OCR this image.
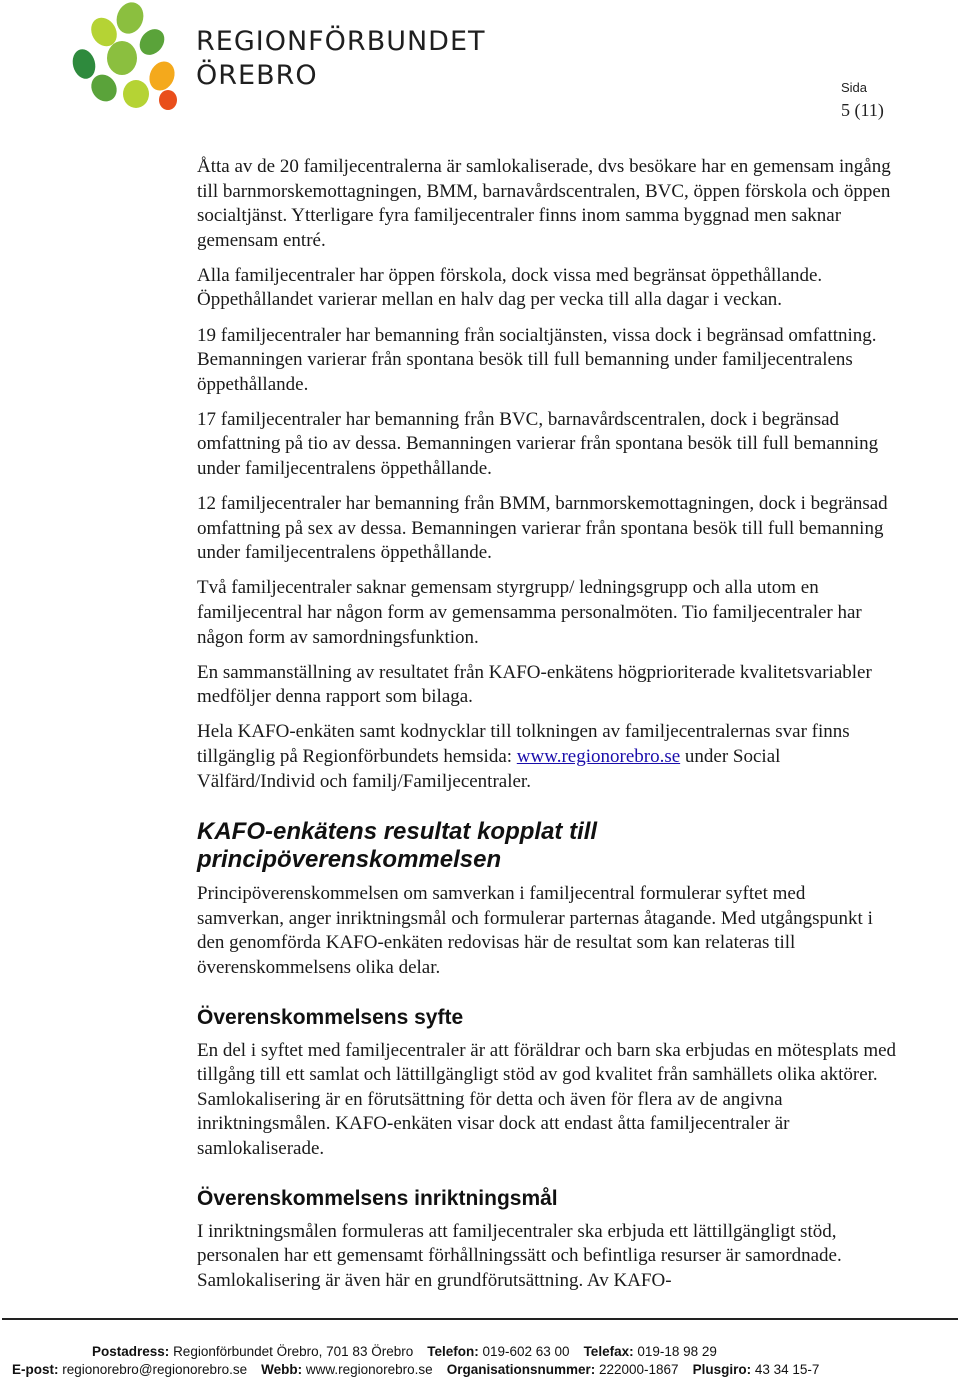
REGIONFÖRBUNDET
ÖREBRO	Sida
5 (11)

Åtta av de 20 familjecentralerna är samlokaliserade, dvs besökare har en gemensam ingång till barnmorskemottagningen, BMM, barnavårdscentralen, BVC, öppen förskola och öppen socialtjänst. Ytterligare fyra familjecentraler finns inom samma byggnad men saknar gemensam entré.

Alla familjecentraler har öppen förskola, dock vissa med begränsat öppethållande. Öppethållandet varierar mellan en halv dag per vecka till alla dagar i veckan.

19 familjecentraler har bemanning från socialtjänsten, vissa dock i begränsad omfattning. Bemanningen varierar från spontana besök till full bemanning under familjecentralens öppethållande.

17 familjecentraler har bemanning från BVC, barnavårdscentralen, dock i begränsad omfattning på tio av dessa. Bemanningen varierar från spontana besök till full bemanning under familjecentralens öppethållande.

12 familjecentraler har bemanning från BMM, barnmorskemottagningen, dock i begränsad omfattning på sex av dessa. Bemanningen varierar från spontana besök till full bemanning under familjecentralens öppethållande.

Två familjecentraler saknar gemensam styrgrupp/ ledningsgrupp och alla utom en familjecentral har någon form av gemensamma personalmöten. Tio familjecentraler har någon form av samordningsfunktion.

En sammanställning av resultatet från KAFO-enkätens högprioriterade kvalitetsvariabler medföljer denna rapport som bilaga.

Hela KAFO-enkäten samt kodnycklar till tolkningen av familjecentralernas svar finns tillgänglig på Regionförbundets hemsida: www.regionorebro.se under Social Välfärd/Individ och familj/Familjecentraler.

KAFO-enkätens resultat kopplat till principöverenskommelsen

Principöverenskommelsen om samverkan i familjecentral formulerar syftet med samverkan, anger inriktningsmål och formulerar parternas åtagande. Med utgångspunkt i den genomförda KAFO-enkäten redovisas här de resultat som kan relateras till överenskommelsens olika delar.

Överenskommelsens syfte

En del i syftet med familjecentraler är att föräldrar och barn ska erbjudas en mötesplats med tillgång till ett samlat och lättillgängligt stöd av god kvalitet från samhällets olika aktörer. Samlokalisering är en förutsättning för detta och även för flera av de angivna inriktningsmålen. KAFO-enkäten visar dock att endast åtta familjecentraler är samlokaliserade.

Överenskommelsens inriktningsmål

I inriktningsmålen formuleras att familjecentraler ska erbjuda ett lättillgängligt stöd, personalen har ett gemensamt förhållningssätt och befintliga resurser är samordnade. Samlokalisering är även här en grundförutsättning. Av KAFO-

Postadress: Regionförbundet Örebro, 701 83 Örebro Telefon: 019-602 63 00 Telefax: 019-18 98 29
E-post: regionorebro@regionorebro.se Webb: www.regionorebro.se Organisationsnummer: 222000-1867 Plusgiro: 43 34 15-7
